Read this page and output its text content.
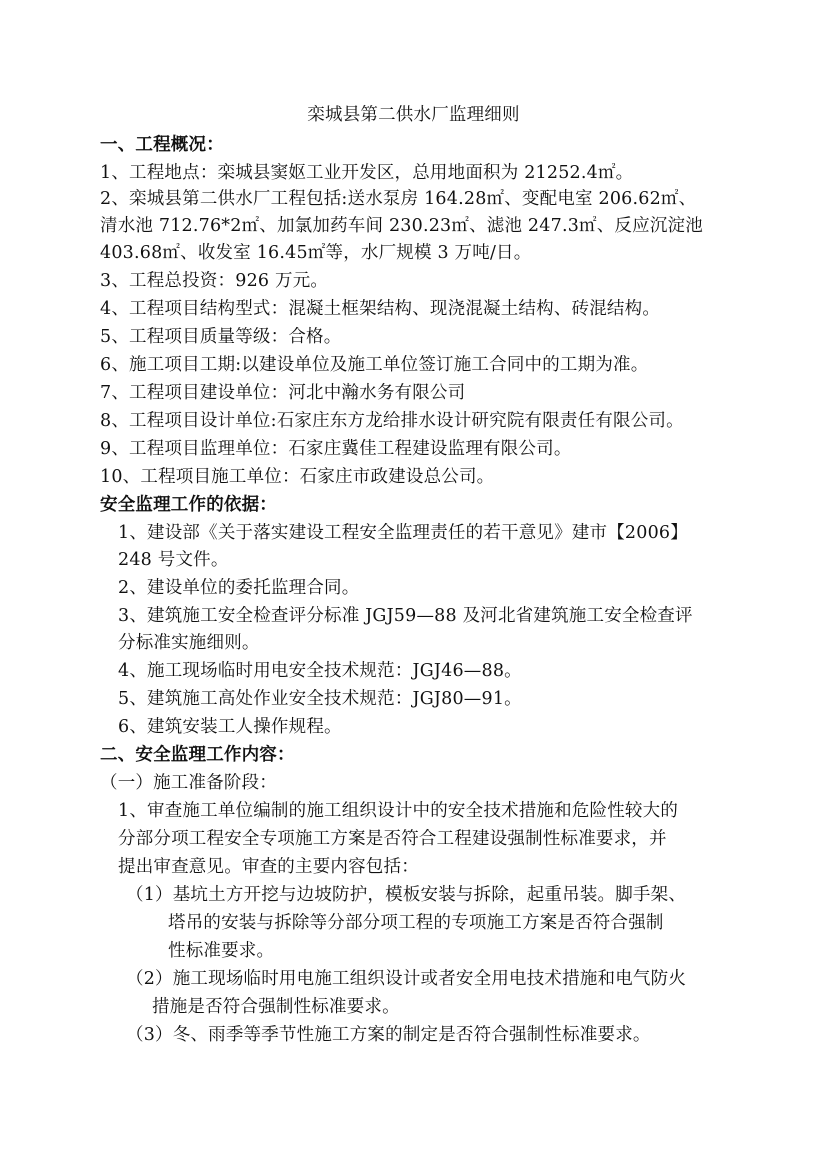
栾城县第二供水厂监理细则
一、工程概况：
1、工程地点：栾城县窦妪工业开发区，总用地面积为 21252.4㎡。
2、栾城县第二供水厂工程包括:送水泵房 164.28㎡、变配电室 206.62㎡、
清水池 712.76*2㎡、加氯加药车间 230.23㎡、滤池 247.3㎡、反应沉淀池
403.68㎡、收发室 16.45㎡等，水厂规模 3 万吨/日。
3、工程总投资：926 万元。
4、工程项目结构型式：混凝土框架结构、现浇混凝土结构、砖混结构。
5、工程项目质量等级：合格。
6、施工项目工期:以建设单位及施工单位签订施工合同中的工期为准。
7、工程项目建设单位：河北中瀚水务有限公司
8、工程项目设计单位:石家庄东方龙给排水设计研究院有限责任有限公司。
9、工程项目监理单位：石家庄冀佳工程建设监理有限公司。
10、工程项目施工单位：石家庄市政建设总公司。
安全监理工作的依据：
1、建设部《关于落实建设工程安全监理责任的若干意见》建市【2006】
248 号文件。
2、建设单位的委托监理合同。
3、建筑施工安全检查评分标准 JGJ59—88 及河北省建筑施工安全检查评
分标准实施细则。
4、施工现场临时用电安全技术规范：JGJ46—88。
5、建筑施工高处作业安全技术规范：JGJ80—91。
6、建筑安装工人操作规程。
二、安全监理工作内容：
（一）施工准备阶段：
1、审查施工单位编制的施工组织设计中的安全技术措施和危险性较大的
分部分项工程安全专项施工方案是否符合工程建设强制性标准要求，并
提出审查意见。审查的主要内容包括：
（1）基坑土方开挖与边坡防护，模板安装与拆除，起重吊装。脚手架、
塔吊的安装与拆除等分部分项工程的专项施工方案是否符合强制
性标准要求。
（2）施工现场临时用电施工组织设计或者安全用电技术措施和电气防火
措施是否符合强制性标准要求。
（3）冬、雨季等季节性施工方案的制定是否符合强制性标准要求。
